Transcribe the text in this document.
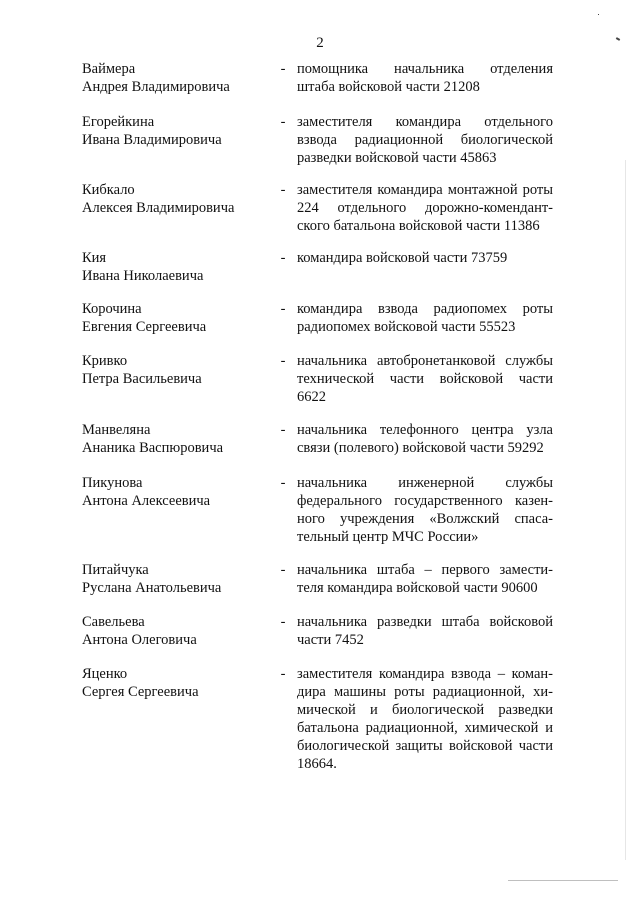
2
Ваймера
Андрея Владимировича
- помощника начальника отделения
штаба войсковой части 21208
Егорейкина
Ивана Владимировича
- заместителя командира отдельного
взвода радиационной биологической
разведки войсковой части 45863
Кибкало
Алексея Владимировича
- заместителя командира монтажной роты
224 отдельного дорожно-комендант-
ского батальона войсковой части 11386
Кия
Ивана Николаевича
- командира войсковой части 73759
Корочина
Евгения Сергеевича
- командира взвода радиопомех роты
радиопомех войсковой части 55523
Кривко
Петра Васильевича
- начальника автобронетанковой службы
технической части войсковой части
6622
Манвеляна
Ананика Васпюровича
- начальника телефонного центра узла
связи (полевого) войсковой части 59292
Пикунова
Антона Алексеевича
- начальника инженерной службы
федерального государственного казен-
ного учреждения «Волжский спаса-
тельный центр МЧС России»
Питайчука
Руслана Анатольевича
- начальника штаба – первого замести-
теля командира войсковой части 90600
Савельева
Антона Олеговича
- начальника разведки штаба войсковой
части 7452
Яценко
Сергея Сергеевича
- заместителя командира взвода – коман-
дира машины роты радиационной, хи-
мической и биологической разведки
батальона радиационной, химической и
биологической защиты войсковой части
18664.
